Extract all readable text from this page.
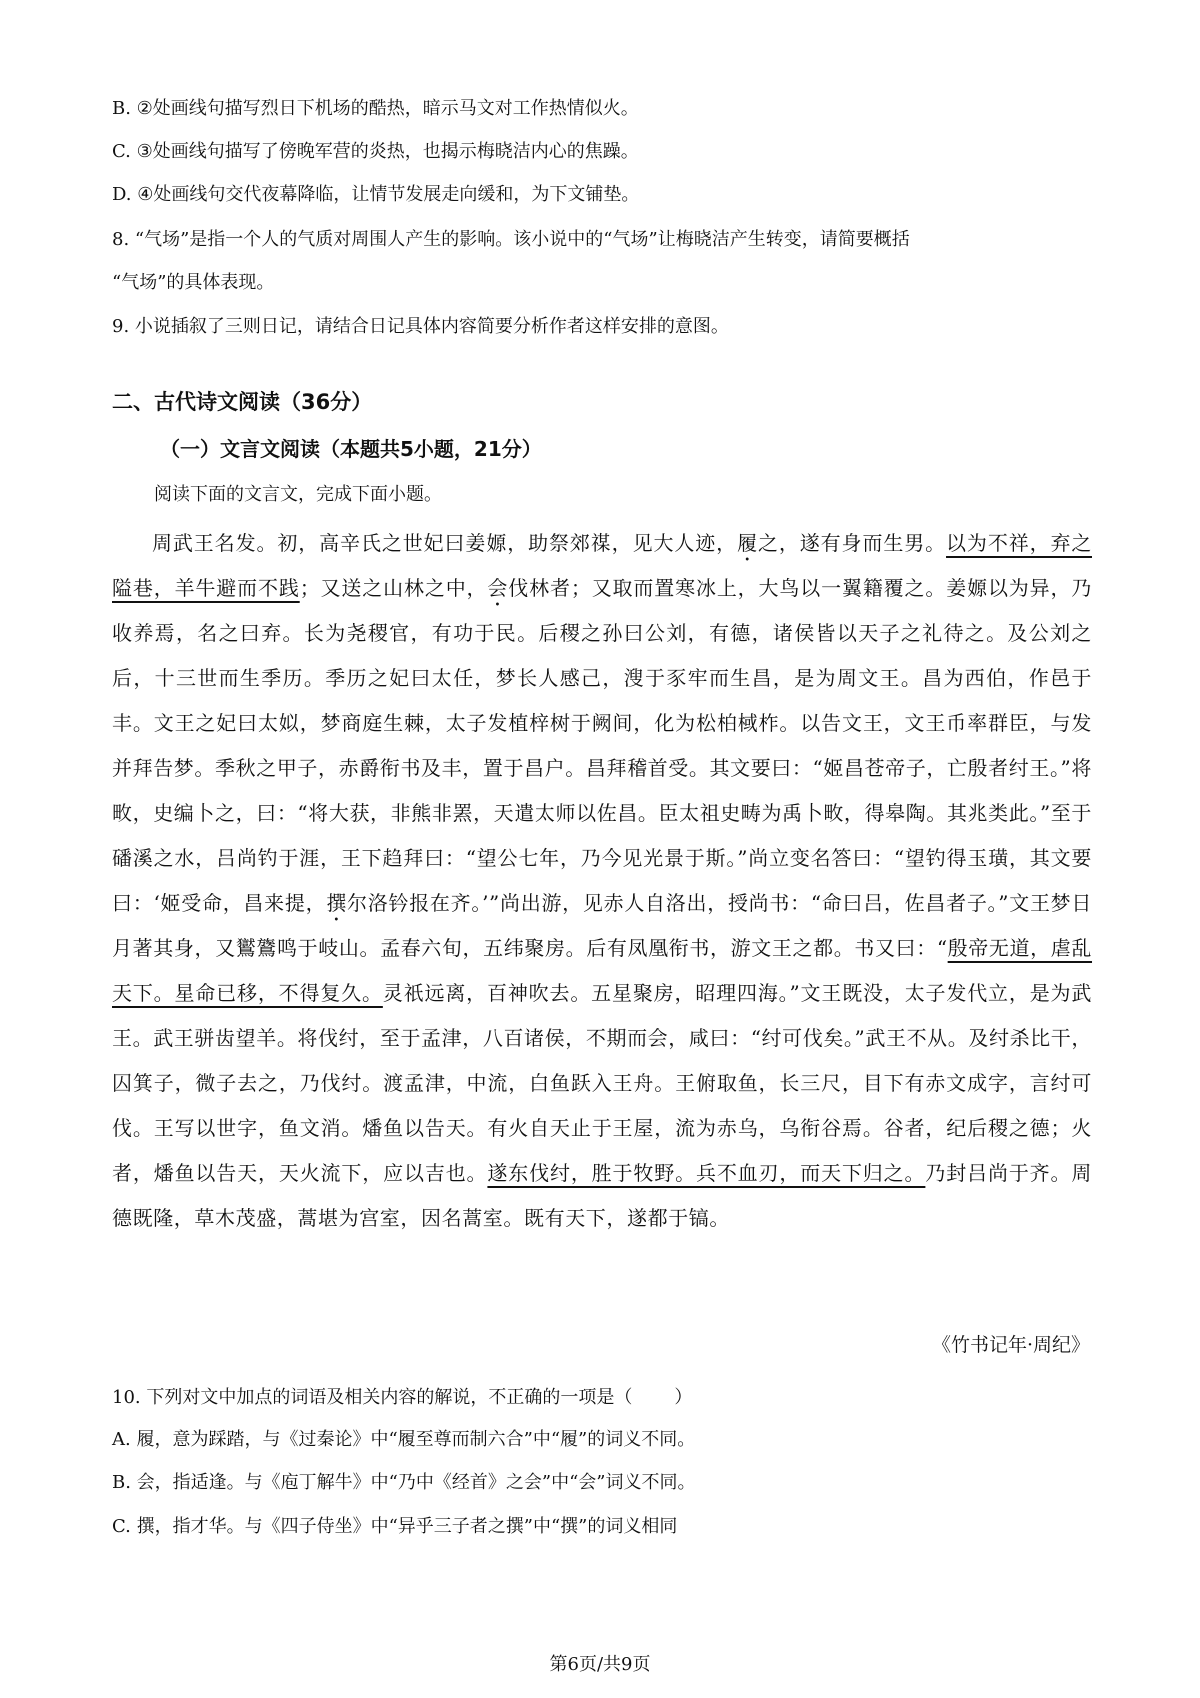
B. ②处画线句描写烈日下机场的酷热，暗示马文对工作热情似火。
C. ③处画线句描写了傍晚军营的炎热，也揭示梅晓洁内心的焦躁。
D. ④处画线句交代夜幕降临，让情节发展走向缓和，为下文铺垫。
8. “气场”是指一个人的气质对周围人产生的影响。该小说中的“气场”让梅晓洁产生转变，请简要概括
“气场”的具体表现。
9. 小说插叙了三则日记，请结合日记具体内容简要分析作者这样安排的意图。
二、古代诗文阅读（36分）
（一）文言文阅读（本题共5小题，21分）
阅读下面的文言文，完成下面小题。

周武王名发。初，高辛氏之世妃曰姜嫄，助祭郊禖，见大人迹，履之，遂有身而生男。以为不祥，弃之隘巷，羊牛避而不践；又送之山林之中，会伐林者；又取而置寒冰上，大鸟以一翼籍覆之。姜嫄以为异，乃收养焉，名之曰弃。长为尧稷官，有功于民。后稷之孙曰公刘，有德，诸侯皆以天子之礼待之。及公刘之后，十三世而生季历。季历之妃曰太任，梦长人感己，溲于豕牢而生昌，是为周文王。昌为西伯，作邑于丰。文王之妃曰太姒，梦商庭生棘，太子发植梓树于阙间，化为松柏棫柞。以告文王，文王币率群臣，与发并拜告梦。季秋之甲子，赤爵衔书及丰，置于昌户。昌拜稽首受。其文要曰：“姬昌苍帝子，亡殷者纣王。”将畋，史编卜之，曰：“将大获，非熊非罴，天遣太师以佐昌。臣太祖史畴为禹卜畋，得皋陶。其兆类此。”至于磻溪之水，吕尚钓于涯，王下趋拜曰：“望公七年，乃今见光景于斯。”尚立变名答曰：“望钓得玉璜，其文要曰：‘姬受命，昌来提，撰尔洛钤报在齐。’”尚出游，见赤人自洛出，授尚书：“命曰吕，佐昌者子。”文王梦日月著其身，又鸑鷟鸣于岐山。孟春六旬，五纬聚房。后有凤凰衔书，游文王之都。书又曰：“殷帝无道，虐乱天下。星命已移，不得复久。灵祇远离，百神吹去。五星聚房，昭理四海。”文王既没，太子发代立，是为武王。武王骈齿望羊。将伐纣，至于孟津，八百诸侯，不期而会，咸曰：“纣可伐矣。”武王不从。及纣杀比干，囚箕子，微子去之，乃伐纣。渡孟津，中流，白鱼跃入王舟。王俯取鱼，长三尺，目下有赤文成字，言纣可伐。王写以世字，鱼文消。燔鱼以告天。有火自天止于王屋，流为赤乌，乌衔谷焉。谷者，纪后稷之德；火者，燔鱼以告天，天火流下，应以吉也。遂东伐纣，胜于牧野。兵不血刃，而天下归之。乃封吕尚于齐。周德既隆，草木茂盛，蒿堪为宫室，因名蒿室。既有天下，遂都于镐。

《竹书记年·周纪》
10. 下列对文中加点的词语及相关内容的解说，不正确的一项是（ ）
A. 履，意为踩踏，与《过秦论》中“履至尊而制六合”中“履”的词义不同。
B. 会，指适逢。与《庖丁解牛》中“乃中《经首》之会”中“会”词义不同。
C. 撰，指才华。与《四子侍坐》中“异乎三子者之撰”中“撰”的词义相同
第6页/共9页
